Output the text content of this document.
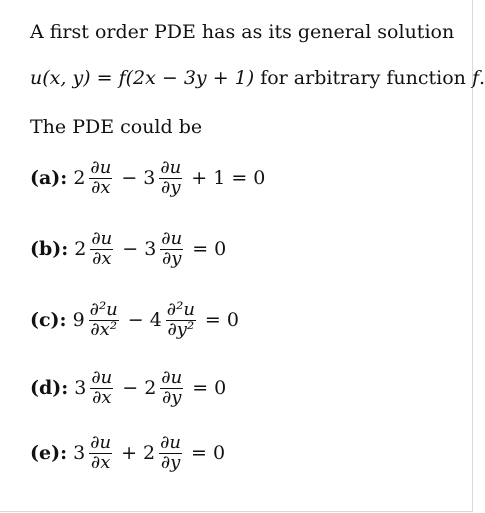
A first order PDE has as its general solution
u(x, y) = f(2x − 3y + 1) for arbitrary function f.
The PDE could be
(a): $2 \frac{\partial u}{\partial x} - 3 \frac{\partial u}{\partial y} + 1 = 0$
(b): $2 \frac{\partial u}{\partial x} - 3 \frac{\partial u}{\partial y} = 0$
(c): $9 \frac{\text{∂²u}}{\text{∂x²}} - 4 \frac{\text{∂²u}}{\text{∂y²}} = 0$
(d): $3 \frac{\partial u}{\partial x} - 2 \frac{\partial u}{\partial y} = 0$
(e): $3 \frac{\partial u}{\partial x} + 2 \frac{\partial u}{\partial y} = 0$
